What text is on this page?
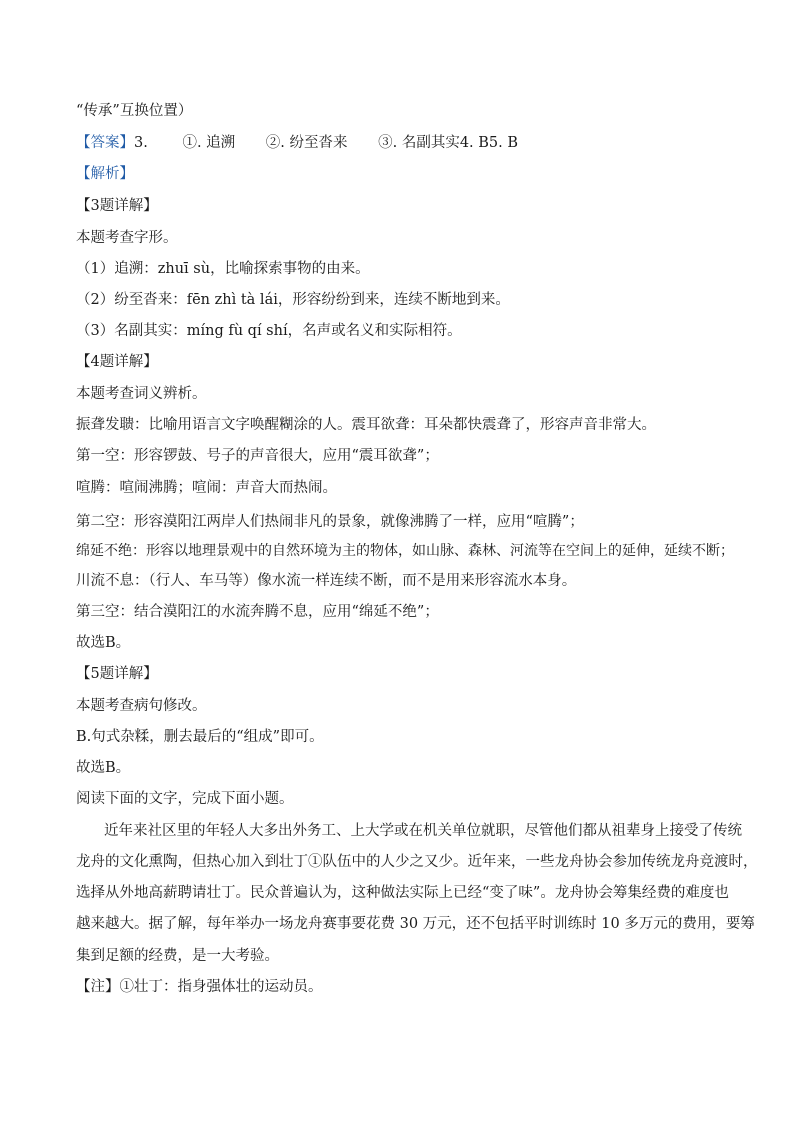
“传承”互换位置）
【答案】3. ①. 追溯 ②. 纷至沓来 ③. 名副其实4. B5. B
【解析】
【3题详解】
本题考查字形。
（1）追溯：zhuī sù，比喻探索事物的由来。
（2）纷至沓来：fēn zhì tà lái，形容纷纷到来，连续不断地到来。
（3）名副其实：míng fù qí shí，名声或名义和实际相符。
【4题详解】
本题考查词义辨析。
振聋发聩：比喻用语言文字唤醒糊涂的人。震耳欲聋：耳朵都快震聋了，形容声音非常大。
第一空：形容锣鼓、号子的声音很大，应用“震耳欲聋”；
喧腾：喧闹沸腾；喧闹：声音大而热闹。
第二空：形容漠阳江两岸人们热闹非凡的景象，就像沸腾了一样，应用“喧腾”；
绵延不绝：形容以地理景观中的自然环境为主的物体，如山脉、森林、河流等在空间上的延伸，延续不断；
川流不息：（行人、车马等）像水流一样连续不断，而不是用来形容流水本身。
第三空：结合漠阳江的水流奔腾不息，应用“绵延不绝”；
故选B。
【5题详解】
本题考查病句修改。
B.句式杂糅，删去最后的“组成”即可。
故选B。
阅读下面的文字，完成下面小题。
近年来社区里的年轻人大多出外务工、上大学或在机关单位就职，尽管他们都从祖辈身上接受了传统
龙舟的文化熏陶，但热心加入到壮丁①队伍中的人少之又少。近年来，一些龙舟协会参加传统龙舟竞渡时，
选择从外地高薪聘请壮丁。民众普遍认为，这种做法实际上已经“变了味”。龙舟协会筹集经费的难度也
越来越大。据了解，每年举办一场龙舟赛事要花费 30 万元，还不包括平时训练时 10 多万元的费用，要筹
集到足额的经费，是一大考验。
【注】①壮丁：指身强体壮的运动员。
